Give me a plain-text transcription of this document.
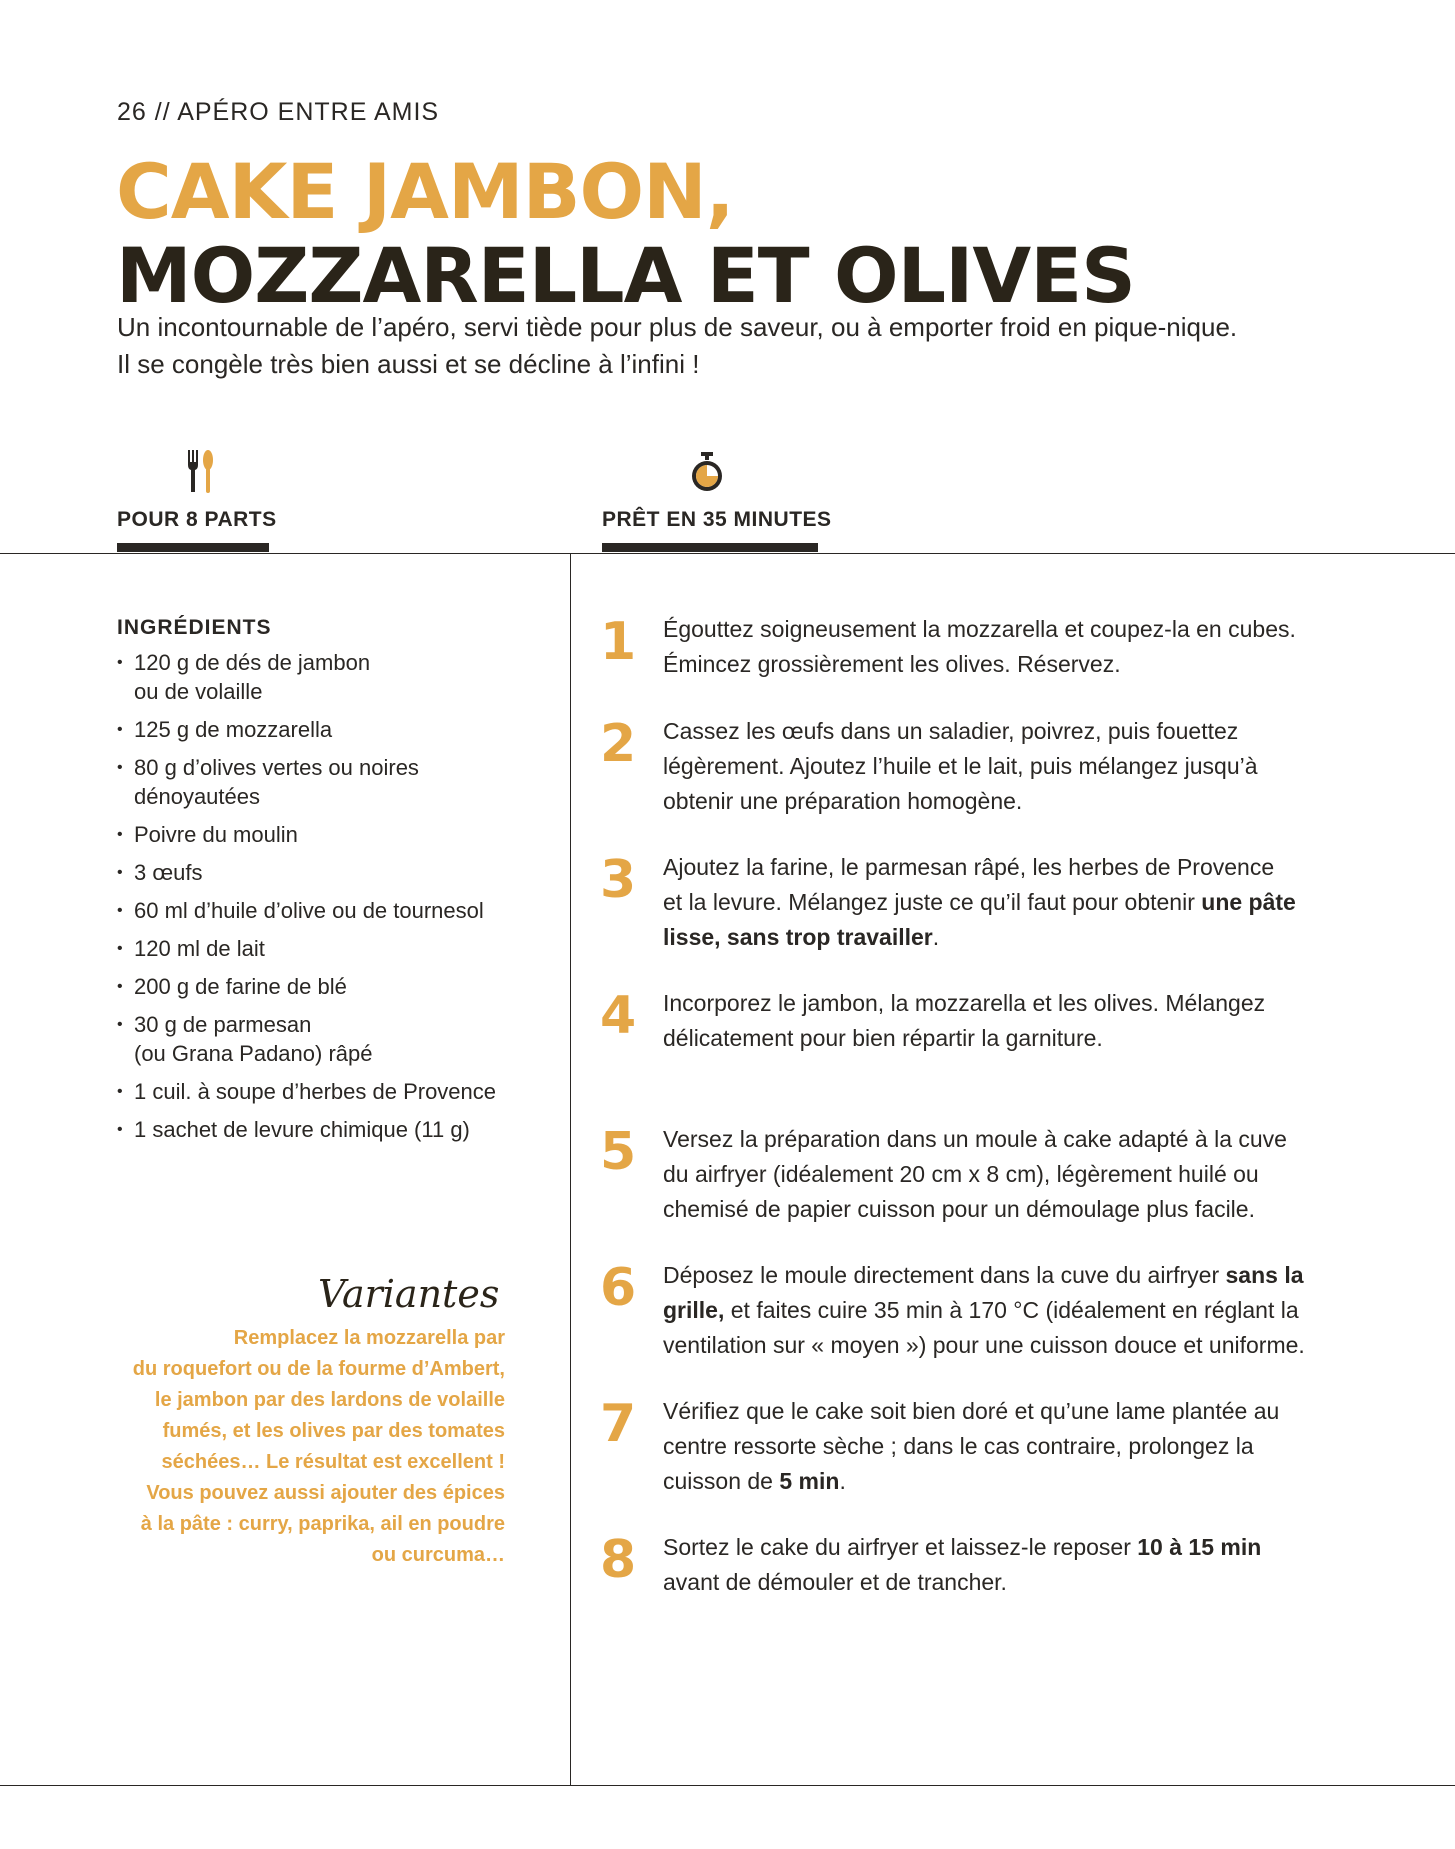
26 // APÉRO ENTRE AMIS
CAKE JAMBON,
MOZZARELLA ET OLIVES
Un incontournable de l’apéro, servi tiède pour plus de saveur, ou à emporter froid en pique-nique.
Il se congèle très bien aussi et se décline à l’infini !
POUR 8 PARTS	PRÊT EN 35 MINUTES
INGRÉDIENTS
• 120 g de dés de jambon
ou de volaille
• 125 g de mozzarella
• 80 g d’olives vertes ou noires
dénoyautées
• Poivre du moulin
• 3 œufs
• 60 ml d’huile d’olive ou de tournesol
• 120 ml de lait
• 200 g de farine de blé
• 30 g de parmesan
(ou Grana Padano) râpé
• 1 cuil. à soupe d’herbes de Provence
• 1 sachet de levure chimique (11 g)
Variantes
Remplacez la mozzarella par
du roquefort ou de la fourme d’Ambert,
le jambon par des lardons de volaille
fumés, et les olives par des tomates
séchées… Le résultat est excellent !
Vous pouvez aussi ajouter des épices
à la pâte : curry, paprika, ail en poudre
ou curcuma…
1 Égouttez soigneusement la mozzarella et coupez-la en cubes.
Émincez grossièrement les olives. Réservez.
2 Cassez les œufs dans un saladier, poivrez, puis fouettez
légèrement. Ajoutez l’huile et le lait, puis mélangez jusqu’à
obtenir une préparation homogène.
3 Ajoutez la farine, le parmesan râpé, les herbes de Provence
et la levure. Mélangez juste ce qu’il faut pour obtenir une pâte
lisse, sans trop travailler.
4 Incorporez le jambon, la mozzarella et les olives. Mélangez
délicatement pour bien répartir la garniture.
5 Versez la préparation dans un moule à cake adapté à la cuve
du airfryer (idéalement 20 cm x 8 cm), légèrement huilé ou
chemisé de papier cuisson pour un démoulage plus facile.
6 Déposez le moule directement dans la cuve du airfryer sans la
grille, et faites cuire 35 min à 170 °C (idéalement en réglant la
ventilation sur « moyen ») pour une cuisson douce et uniforme.
7 Vérifiez que le cake soit bien doré et qu’une lame plantée au
centre ressorte sèche ; dans le cas contraire, prolongez la
cuisson de 5 min.
8 Sortez le cake du airfryer et laissez-le reposer 10 à 15 min
avant de démouler et de trancher.
